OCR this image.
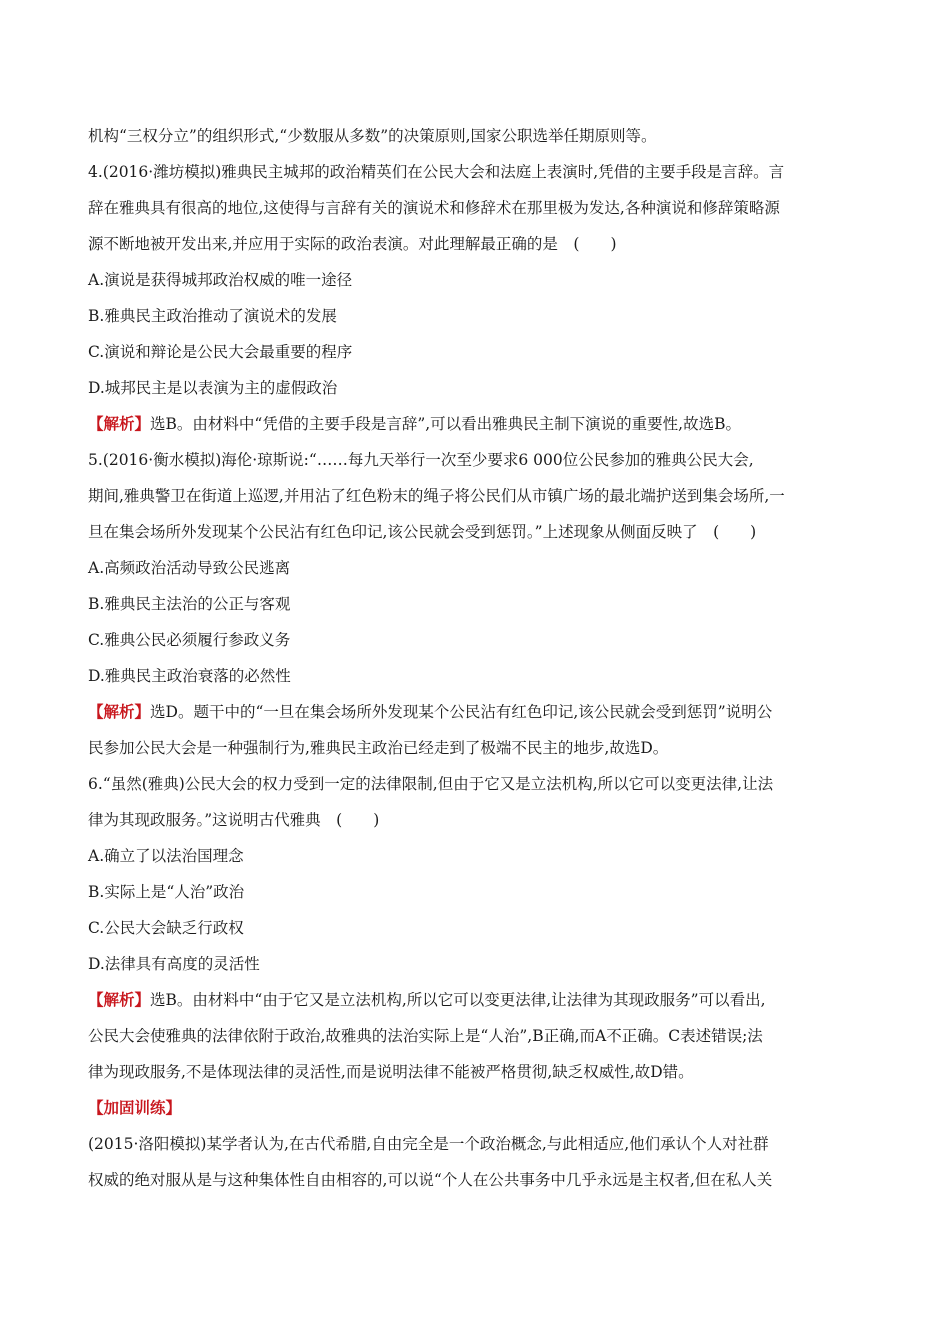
机构“三权分立”的组织形式,“少数服从多数”的决策原则,国家公职选举任期原则等。
4.(2016·潍坊模拟)雅典民主城邦的政治精英们在公民大会和法庭上表演时,凭借的主要手段是言辞。言
辞在雅典具有很高的地位,这使得与言辞有关的演说术和修辞术在那里极为发达,各种演说和修辞策略源
源不断地被开发出来,并应用于实际的政治表演。对此理解最正确的是　(　　)
A.演说是获得城邦政治权威的唯一途径
B.雅典民主政治推动了演说术的发展
C.演说和辩论是公民大会最重要的程序
D.城邦民主是以表演为主的虚假政治
【解析】选B。由材料中“凭借的主要手段是言辞”,可以看出雅典民主制下演说的重要性,故选B。
5.(2016·衡水模拟)海伦·琼斯说:“……每九天举行一次至少要求6 000位公民参加的雅典公民大会,
期间,雅典警卫在街道上巡逻,并用沾了红色粉末的绳子将公民们从市镇广场的最北端护送到集会场所,一
旦在集会场所外发现某个公民沾有红色印记,该公民就会受到惩罚。”上述现象从侧面反映了　(　　)
A.高频政治活动导致公民逃离
B.雅典民主法治的公正与客观
C.雅典公民必须履行参政义务
D.雅典民主政治衰落的必然性
【解析】选D。题干中的“一旦在集会场所外发现某个公民沾有红色印记,该公民就会受到惩罚”说明公
民参加公民大会是一种强制行为,雅典民主政治已经走到了极端不民主的地步,故选D。
6.“虽然(雅典)公民大会的权力受到一定的法律限制,但由于它又是立法机构,所以它可以变更法律,让法
律为其现政服务。”这说明古代雅典　(　　)
A.确立了以法治国理念
B.实际上是“人治”政治
C.公民大会缺乏行政权
D.法律具有高度的灵活性
【解析】选B。由材料中“由于它又是立法机构,所以它可以变更法律,让法律为其现政服务”可以看出,
公民大会使雅典的法律依附于政治,故雅典的法治实际上是“人治”,B正确,而A不正确。C表述错误;法
律为现政服务,不是体现法律的灵活性,而是说明法律不能被严格贯彻,缺乏权威性,故D错。
【加固训练】
(2015·洛阳模拟)某学者认为,在古代希腊,自由完全是一个政治概念,与此相适应,他们承认个人对社群
权威的绝对服从是与这种集体性自由相容的,可以说“个人在公共事务中几乎永远是主权者,但在私人关
